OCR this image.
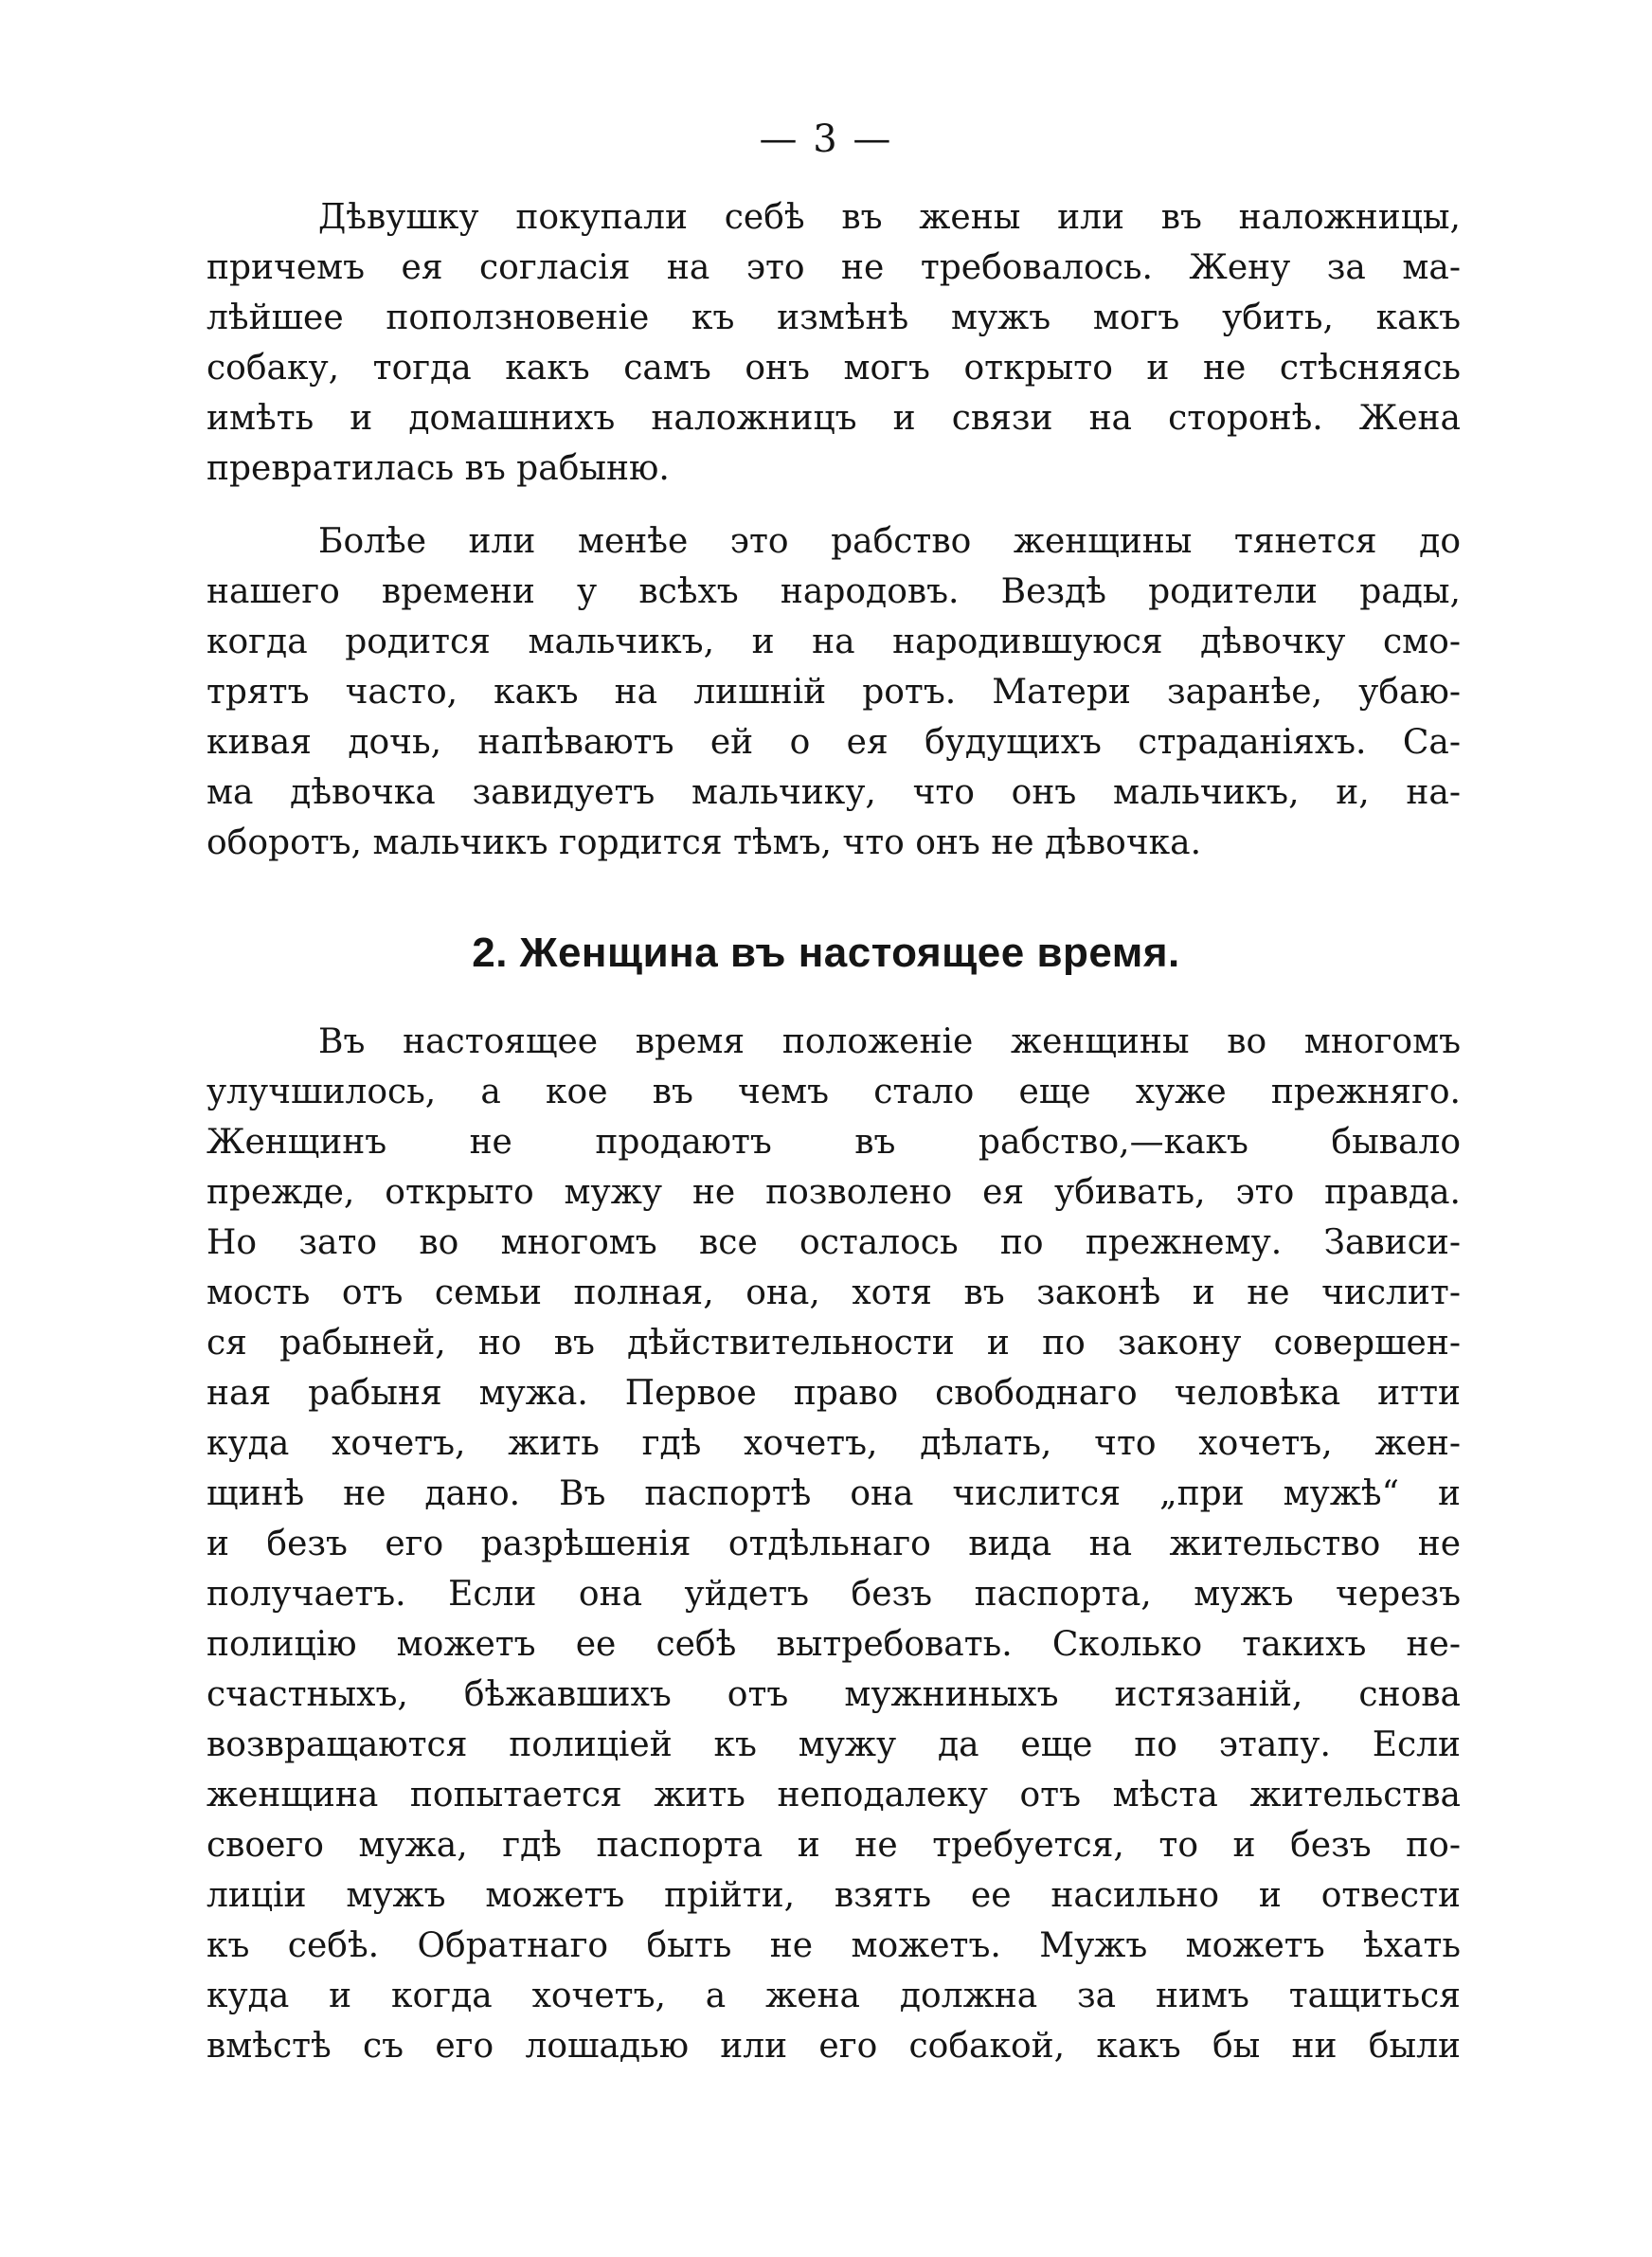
— 3 —
Дѣвушку покупали себѣ въ жены или въ наложницы,
причемъ ея согласія на это не требовалось. Жену за ма-
лѣйшее поползновеніе къ измѣнѣ мужъ могъ убить, какъ
собаку, тогда какъ самъ онъ могъ открыто и не стѣсняясь
имѣть и домашнихъ наложницъ и связи на сторонѣ. Жена
превратилась въ рабыню.
Болѣе или менѣе это рабство женщины тянется до
нашего времени у всѣхъ народовъ. Вездѣ родители рады,
когда родится мальчикъ, и на народившуюся дѣвочку смо-
трятъ часто, какъ на лишній ротъ. Матери заранѣе, убаю-
кивая дочь, напѣваютъ ей о ея будущихъ страданіяхъ. Са-
ма дѣвочка завидуетъ мальчику, что онъ мальчикъ, и, на-
оборотъ, мальчикъ гордится тѣмъ, что онъ не дѣвочка.
2. Женщина въ настоящее время.
Въ настоящее время положеніе женщины во многомъ
улучшилось, а кое въ чемъ стало еще хуже прежняго.
Женщинъ не продаютъ въ рабство,—какъ бывало
прежде, открыто мужу не позволено ея убивать, это правда.
Но зато во многомъ все осталось по прежнему. Зависи-
мость отъ семьи полная, она, хотя въ законѣ и не числит-
ся рабыней, но въ дѣйствительности и по закону совершен-
ная рабыня мужа. Первое право свободнаго человѣка итти
куда хочетъ, жить гдѣ хочетъ, дѣлать, что хочетъ, жен-
щинѣ не дано. Въ паспортѣ она числится „при мужѣ“ и
и безъ его разрѣшенія отдѣльнаго вида на жительство не
получаетъ. Если она уйдетъ безъ паспорта, мужъ черезъ
полицію можетъ ее себѣ вытребовать. Сколько такихъ не-
счастныхъ, бѣжавшихъ отъ мужниныхъ истязаній, снова
возвращаются полиціей къ мужу да еще по этапу. Если
женщина попытается жить неподалеку отъ мѣста жительства
своего мужа, гдѣ паспорта и не требуется, то и безъ по-
лиціи мужъ можетъ прійти, взять ее насильно и отвести
къ себѣ. Обратнаго быть не можетъ. Мужъ можетъ ѣхать
куда и когда хочетъ, а жена должна за нимъ тащиться
вмѣстѣ съ его лошадью или его собакой, какъ бы ни были
